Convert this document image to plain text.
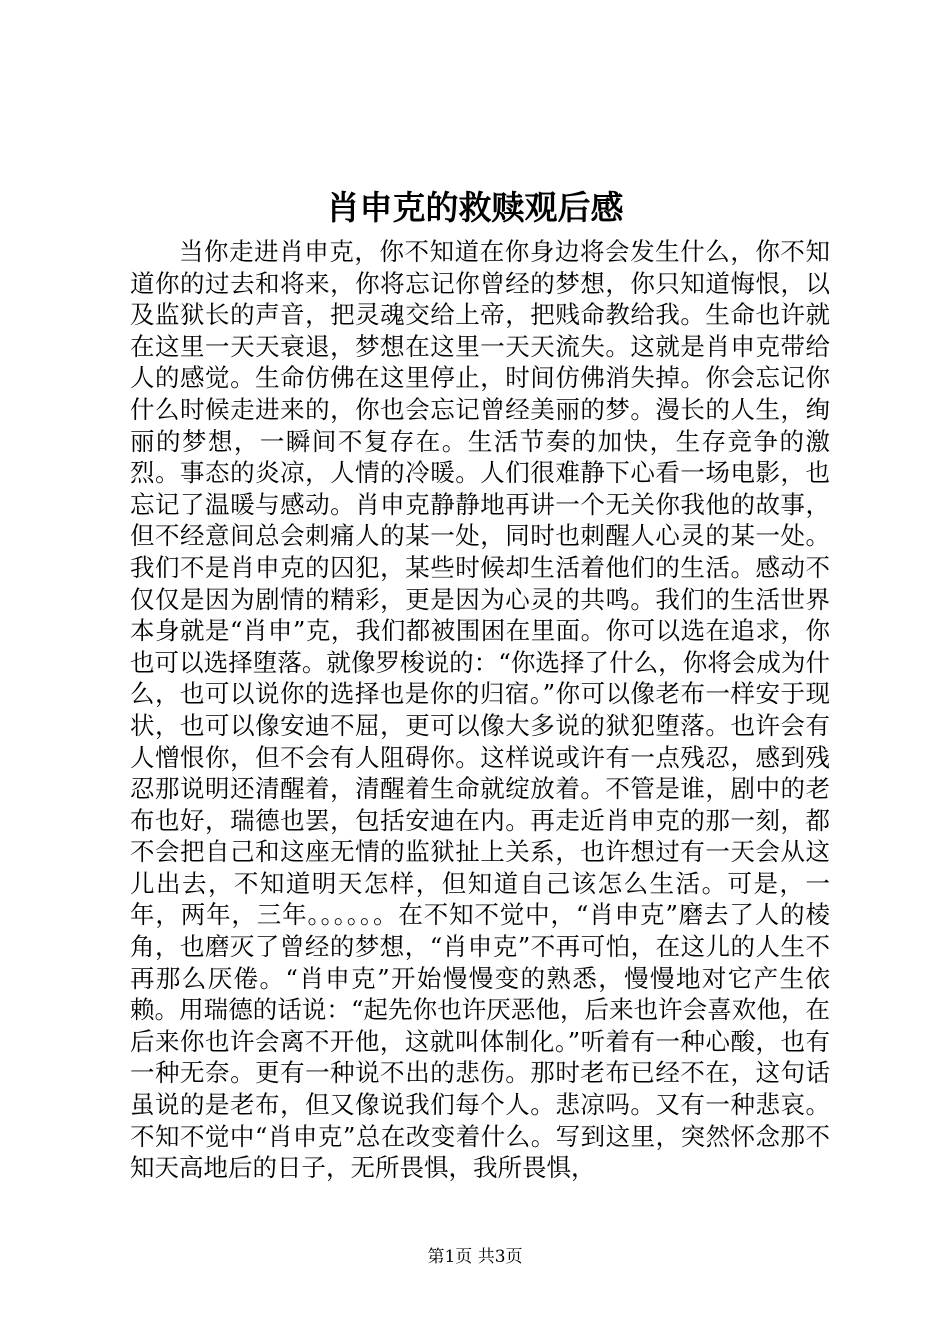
肖申克的救赎观后感

当你走进肖申克，你不知道在你身边将会发生什么，你不知道你的过去和将来，你将忘记你曾经的梦想，你只知道悔恨，以及监狱长的声音，把灵魂交给上帝，把贱命教给我。生命也许就在这里一天天衰退，梦想在这里一天天流失。这就是肖申克带给人的感觉。生命仿佛在这里停止，时间仿佛消失掉。你会忘记你什么时候走进来的，你也会忘记曾经美丽的梦。漫长的人生，绚丽的梦想，一瞬间不复存在。生活节奏的加快，生存竞争的激烈。事态的炎凉，人情的冷暖。人们很难静下心看一场电影，也忘记了温暖与感动。肖申克静静地再讲一个无关你我他的故事，但不经意间总会刺痛人的某一处，同时也刺醒人心灵的某一处。我们不是肖申克的囚犯，某些时候却生活着他们的生活。感动不仅仅是因为剧情的精彩，更是因为心灵的共鸣。我们的生活世界本身就是“肖申”克，我们都被围困在里面。你可以选在追求，你也可以选择堕落。就像罗梭说的：“你选择了什么，你将会成为什么，也可以说你的选择也是你的归宿。”你可以像老布一样安于现状，也可以像安迪不屈，更可以像大多说的狱犯堕落。也许会有人憎恨你，但不会有人阻碍你。这样说或许有一点残忍，感到残忍那说明还清醒着，清醒着生命就绽放着。不管是谁，剧中的老布也好，瑞德也罢，包括安迪在内。再走近肖申克的那一刻，都不会把自己和这座无情的监狱扯上关系，也许想过有一天会从这儿出去，不知道明天怎样，但知道自己该怎么生活。可是，一年，两年，三年。。。。。。在不知不觉中，“肖申克”磨去了人的棱角，也磨灭了曾经的梦想，“肖申克”不再可怕，在这儿的人生不再那么厌倦。“肖申克”开始慢慢变的熟悉，慢慢地对它产生依赖。用瑞德的话说：“起先你也许厌恶他，后来也许会喜欢他，在后来你也许会离不开他，这就叫体制化。”听着有一种心酸，也有一种无奈。更有一种说不出的悲伤。那时老布已经不在，这句话虽说的是老布，但又像说我们每个人。悲凉吗。又有一种悲哀。不知不觉中“肖申克”总在改变着什么。写到这里，突然怀念那不知天高地后的日子，无所畏惧，我所畏惧，

第1页 共3页
